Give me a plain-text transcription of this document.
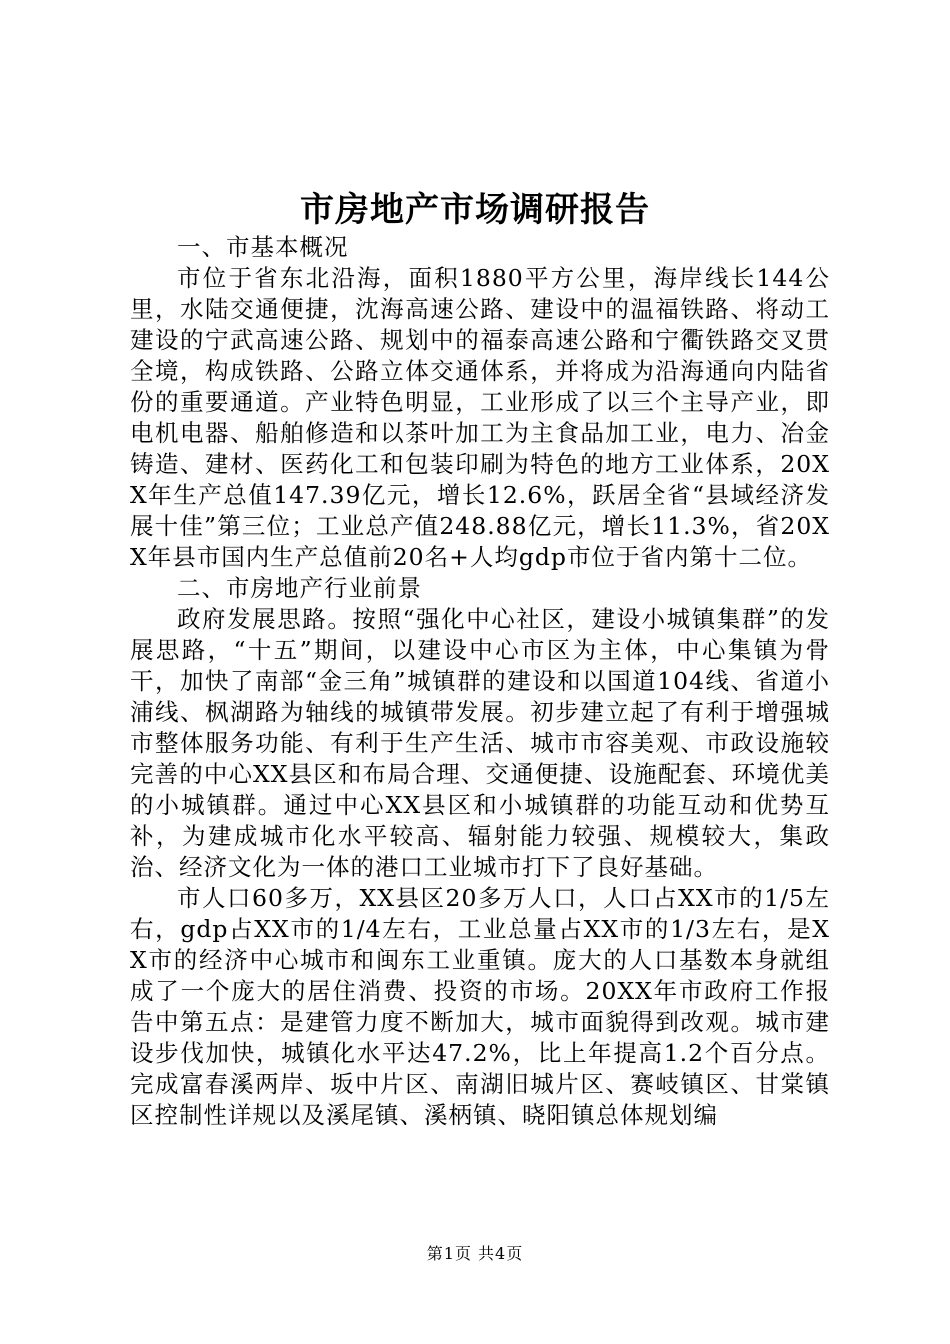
市房地产市场调研报告

一、市基本概况

市位于省东北沿海，面积1880平方公里，海岸线长144公里，水陆交通便捷，沈海高速公路、建设中的温福铁路、将动工建设的宁武高速公路、规划中的福泰高速公路和宁衢铁路交叉贯全境，构成铁路、公路立体交通体系，并将成为沿海通向内陆省份的重要通道。产业特色明显，工业形成了以三个主导产业，即电机电器、船舶修造和以茶叶加工为主食品加工业，电力、冶金铸造、建材、医药化工和包装印刷为特色的地方工业体系，20XX年生产总值147.39亿元，增长12.6%，跃居全省“县域经济发展十佳”第三位；工业总产值248.88亿元，增长11.3%，省20XX年县市国内生产总值前20名+人均gdp市位于省内第十二位。

二、市房地产行业前景

政府发展思路。按照“强化中心社区，建设小城镇集群”的发展思路，“十五”期间，以建设中心市区为主体，中心集镇为骨干，加快了南部“金三角”城镇群的建设和以国道104线、省道小浦线、枫湖路为轴线的城镇带发展。初步建立起了有利于增强城市整体服务功能、有利于生产生活、城市市容美观、市政设施较完善的中心XX县区和布局合理、交通便捷、设施配套、环境优美的小城镇群。通过中心XX县区和小城镇群的功能互动和优势互补，为建成城市化水平较高、辐射能力较强、规模较大，集政治、经济文化为一体的港口工业城市打下了良好基础。

市人口60多万，XX县区20多万人口，人口占XX市的1/5左右，gdp占XX市的1/4左右，工业总量占XX市的1/3左右，是XX市的经济中心城市和闽东工业重镇。庞大的人口基数本身就组成了一个庞大的居住消费、投资的市场。20XX年市政府工作报告中第五点：是建管力度不断加大，城市面貌得到改观。城市建设步伐加快，城镇化水平达47.2%，比上年提高1.2个百分点。完成富春溪两岸、坂中片区、南湖旧城片区、赛岐镇区、甘棠镇区控制性详规以及溪尾镇、溪柄镇、晓阳镇总体规划编

第1页 共4页
